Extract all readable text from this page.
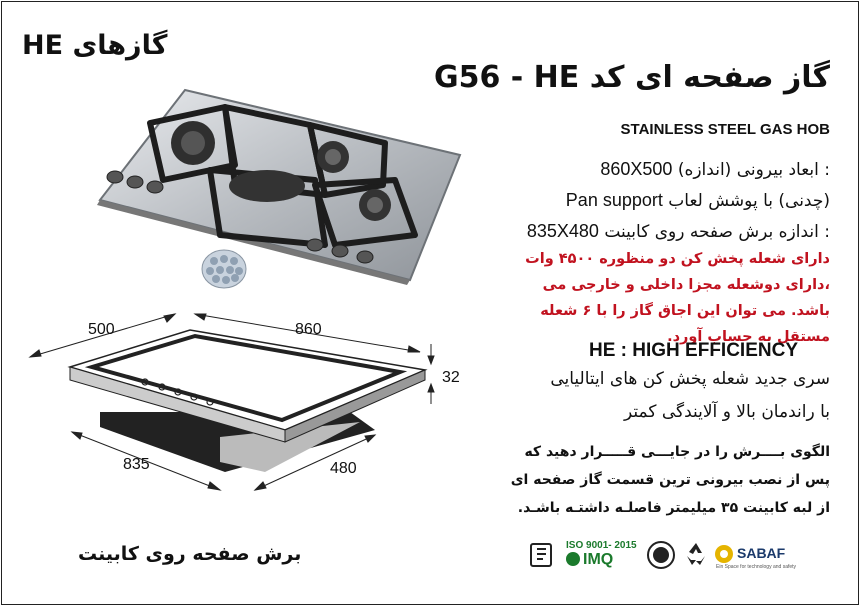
گازهای HE
500	860
32
835	480
برش صفحه روی کابینت
گاز صفحه ای کد G56 - HE
STAINLESS STEEL GAS HOB
: ابعاد بیرونی (اندازه) 860X500
(چدنی) با پوشش لعاب Pan support
: اندازه برش صفحه روی کابینت 835X480
دارای شعله پخش کن دو منظوره ۴۵۰۰ وات ،دارای دوشعله مجزا داخلی و خارجی می باشد. می توان این اجاق گاز را با ۶ شعله مستقل به حساب آورد.
HE : HIGH EFFICIENCY
سری جدید شعله پخش کن های ایتالیایی
با راندمان بالا و آلایندگی کمتر
الگوی بــــرش را در جایـــی قـــــرار دهید که پس از نصب بیرونی ترین قسمت گاز صفحه ای از لبه کابینت ۳۵ میلیمتر فاصلـه داشتـه باشـد.
ISO 9001- 2015
IMQ	SABAF
Ein Space for technology and safety
